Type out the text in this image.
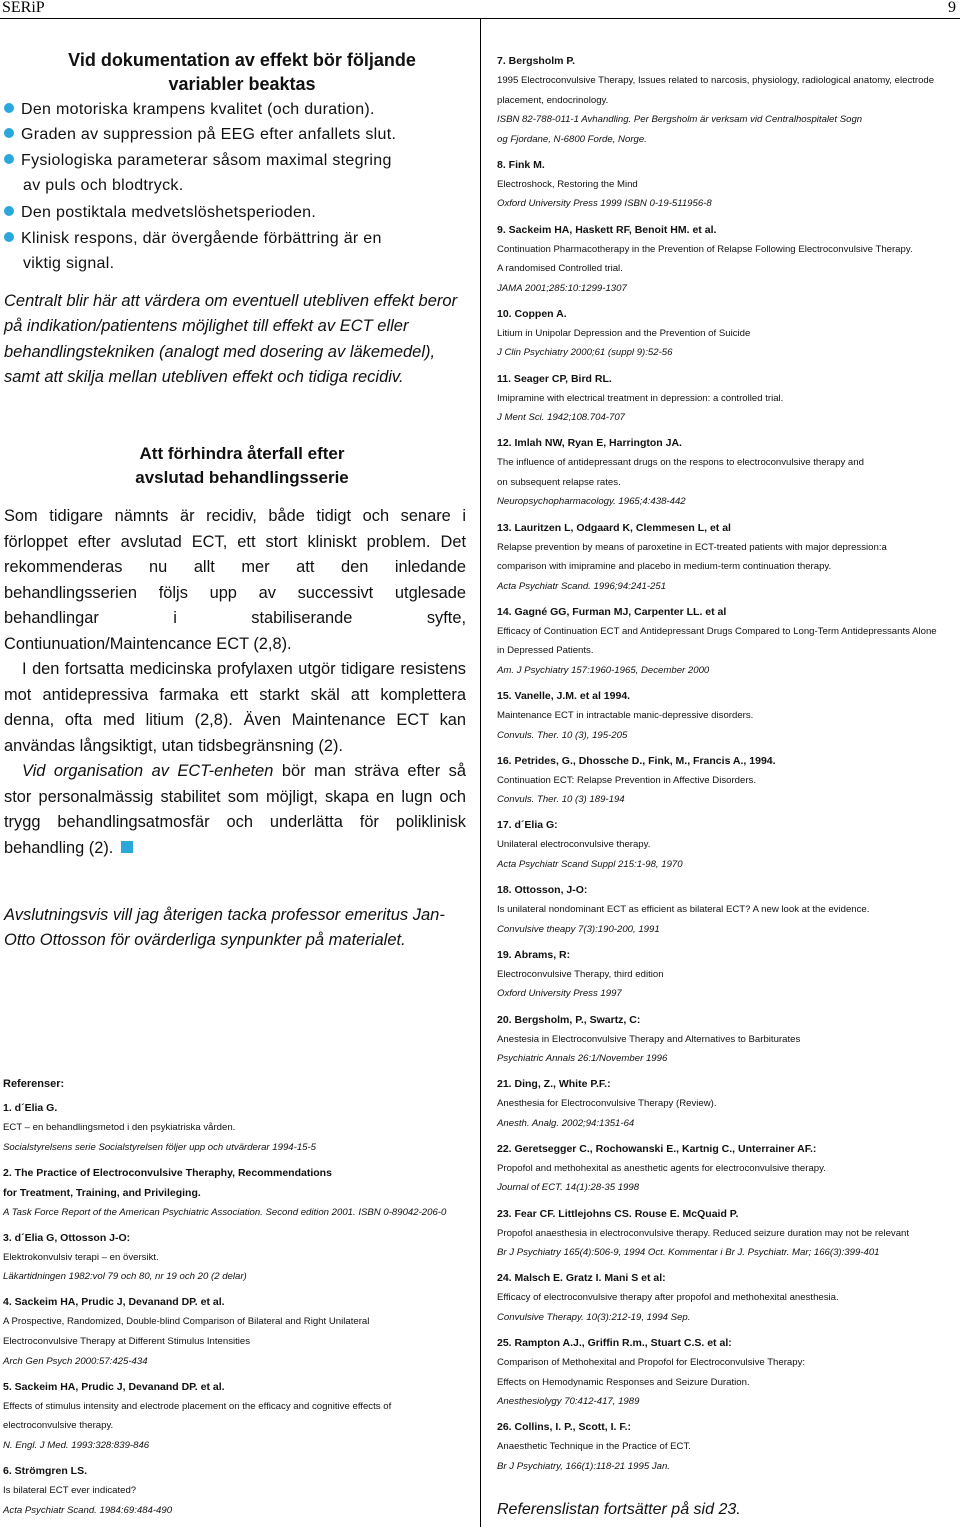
SERiP	9
Vid dokumentation av effekt bör följande
variabler beaktas
Den motoriska krampens kvalitet (och duration).
Graden av suppression på EEG efter anfallets slut.
Fysiologiska parameterar såsom maximal stegring
av puls och blodtryck.
Den postiktala medvetslöshetsperioden.
Klinisk respons, där övergående förbättring är en
viktig signal.

Centralt blir här att värdera om eventuell utebliven effekt beror på indikation/patientens möjlighet till effekt av ECT eller behandlingstekniken (analogt med dosering av läkemedel), samt att skilja mellan utebliven effekt och tidiga recidiv.

Att förhindra återfall efter
avslutad behandlingsserie

Som tidigare nämnts är recidiv, både tidigt och senare i förloppet efter avslutad ECT, ett stort kliniskt problem. Det rekommenderas nu allt mer att den inledande behandlingsserien följs upp av successivt utglesade behandlingar i stabiliserande syfte, Contiunuation/Maintencance ECT (2,8).

I den fortsatta medicinska profylaxen utgör tidigare resistens mot antidepressiva farmaka ett starkt skäl att komplettera denna, ofta med litium (2,8). Även Maintenance ECT kan användas långsiktigt, utan tidsbegränsning (2).

Vid organisation av ECT-enheten bör man sträva efter så stor personalmässig stabilitet som möjligt, skapa en lugn och trygg behandlingsatmosfär och underlätta för poliklinisk behandling (2).

Avslutningsvis vill jag återigen tacka professor emeritus Jan-Otto Ottosson för ovärderliga synpunkter på materialet.

Referenser:
1. d´Elia G.
ECT – en behandlingsmetod i den psykiatriska vården.
Socialstyrelsens serie Socialstyrelsen följer upp och utvärderar 1994-15-5
2. The Practice of Electroconvulsive Theraphy, Recommendations
for Treatment, Training, and Privileging.
A Task Force Report of the American Psychiatric Association. Second edition 2001. ISBN 0-89042-206-0
3. d´Elia G, Ottosson J-O:
Elektrokonvulsiv terapi – en översikt.
Läkartidningen 1982:vol 79 och 80, nr 19 och 20 (2 delar)
4. Sackeim HA, Prudic J, Devanand DP. et al.
A Prospective, Randomized, Double-blind Comparison of Bilateral and Right Unilateral
Electroconvulsive Therapy at Different Stimulus Intensities
Arch Gen Psych 2000:57:425-434
5. Sackeim HA, Prudic J, Devanand DP. et al.
Effects of stimulus intensity and electrode placement on the efficacy and cognitive effects of
electroconvulsive therapy.
N. Engl. J Med. 1993:328:839-846
6. Strömgren LS.
Is bilateral ECT ever indicated?
Acta Psychiatr Scand. 1984:69:484-490
7. Bergsholm P.
1995 Electroconvulsive Therapy, Issues related to narcosis, physiology, radiological anatomy, electrode
placement, endocrinology.
ISBN 82-788-011-1 Avhandling. Per Bergsholm är verksam vid Centralhospitalet Sogn
og Fjordane, N-6800 Forde, Norge.
8. Fink M.
Electroshock, Restoring the Mind
Oxford University Press 1999 ISBN 0-19-511956-8
9. Sackeim HA, Haskett RF, Benoit HM. et al.
Continuation Pharmacotherapy in the Prevention of Relapse Following Electroconvulsive Therapy.
A randomised Controlled trial.
JAMA 2001;285:10:1299-1307
10. Coppen A.
Litium in Unipolar Depression and the Prevention of Suicide
J Clin Psychiatry 2000;61 (suppl 9):52-56
11. Seager CP, Bird RL.
Imipramine with electrical treatment in depression: a controlled trial.
J Ment Sci. 1942;108.704-707
12. Imlah NW, Ryan E, Harrington JA.
The influence of antidepressant drugs on the respons to electroconvulsive therapy and
on subsequent relapse rates.
Neuropsychopharmacology. 1965;4:438-442
13. Lauritzen L, Odgaard K, Clemmesen L, et al
Relapse prevention by means of paroxetine in ECT-treated patients with major depression:a
comparison with imipramine and placebo in medium-term continuation therapy.
Acta Psychiatr Scand. 1996;94:241-251
14. Gagné GG, Furman MJ, Carpenter LL. et al
Efficacy of Continuation ECT and Antidepressant Drugs Compared to Long-Term Antidepressants Alone
in Depressed Patients.
Am. J Psychiatry 157:1960-1965, December 2000
15. Vanelle, J.M. et al 1994.
Maintenance ECT in intractable manic-depressive disorders.
Convuls. Ther. 10 (3), 195-205
16. Petrides, G., Dhossche D., Fink, M., Francis A., 1994.
Continuation ECT: Relapse Prevention in Affective Disorders.
Convuls. Ther. 10 (3) 189-194
17. d´Elia G:
Unilateral electroconvulsive therapy.
Acta Psychiatr Scand Suppl 215:1-98, 1970
18. Ottosson, J-O:
Is unilateral nondominant ECT as efficient as bilateral ECT? A new look at the evidence.
Convulsive theapy 7(3):190-200, 1991
19. Abrams, R:
Electroconvulsive Therapy, third edition
Oxford University Press 1997
20. Bergsholm, P., Swartz, C:
Anestesia in Electroconvulsive Therapy and Alternatives to Barbiturates
Psychiatric Annals 26:1/November 1996
21. Ding, Z., White P.F.:
Anesthesia for Electroconvulsive Therapy (Review).
Anesth. Analg. 2002;94:1351-64
22. Geretsegger C., Rochowanski E., Kartnig C., Unterrainer AF.:
Propofol and methohexital as anesthetic agents for electroconvulsive therapy.
Journal of ECT. 14(1):28-35 1998
23. Fear CF. Littlejohns CS. Rouse E. McQuaid P.
Propofol anaesthesia in electroconvulsive therapy. Reduced seizure duration may not be relevant
Br J Psychiatry 165(4):506-9, 1994 Oct. Kommentar i Br J. Psychiatr. Mar; 166(3):399-401
24. Malsch E. Gratz I. Mani S et al:
Efficacy of electroconvulsive therapy after propofol and methohexital anesthesia.
Convulsive Therapy. 10(3):212-19, 1994 Sep.
25. Rampton A.J., Griffin R.m., Stuart C.S. et al:
Comparison of Methohexital and Propofol for Electroconvulsive Therapy:
Effects on Hemodynamic Responses and Seizure Duration.
Anesthesiolygy 70:412-417, 1989
26. Collins, I. P., Scott, I. F.:
Anaesthetic Technique in the Practice of ECT.
Br J Psychiatry, 166(1):118-21 1995 Jan.
Referenslistan fortsätter på sid 23.
